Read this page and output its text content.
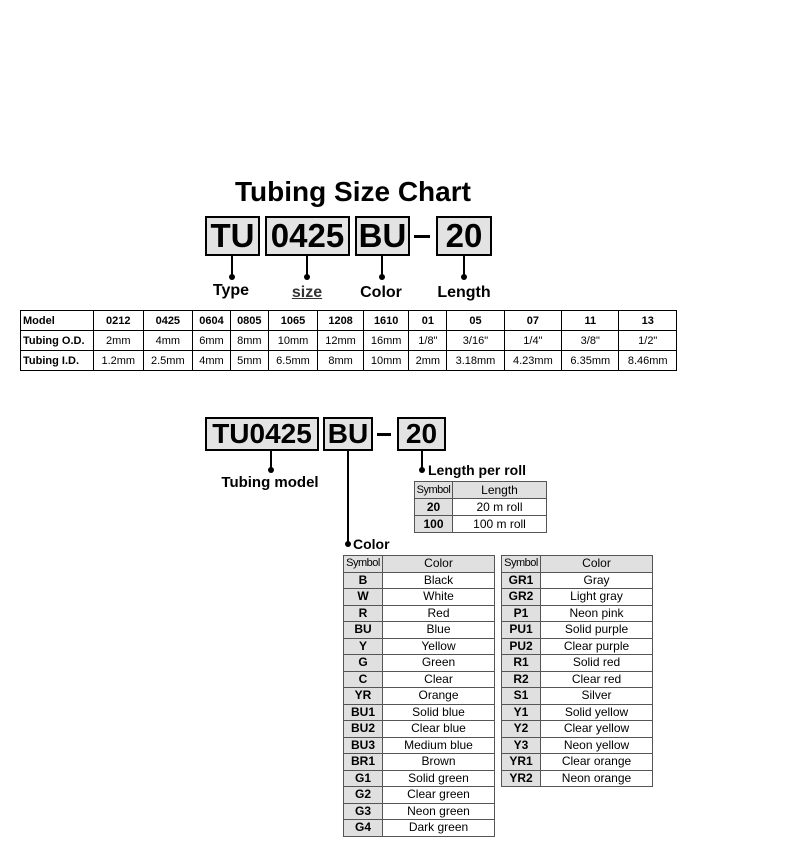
Tubing Size Chart
TU 0425 BU 20
Type	size	Color	Length
Model	0212	0425	0604	0805	1065	1208	1610	01	05	07	11	13
Tubing O.D.	2mm	4mm	6mm	8mm	10mm	12mm	16mm	1/8"	3/16"	1/4"	3/8"	1/2"
Tubing I.D.	1.2mm	2.5mm	4mm	5mm	6.5mm	8mm	10mm	2mm	3.18mm	4.23mm	6.35mm	8.46mm
TU0425 BU	20
Tubing model
Length per roll
Color
Symbol	Length
20	20 m roll
100	100 m roll
Symbol	Color
B	Black
W	White
R	Red
BU	Blue
Y	Yellow
G	Green
C	Clear
YR	Orange
BU1	Solid blue
BU2	Clear blue
BU3	Medium blue
BR1	Brown
G1	Solid green
G2	Clear green
G3	Neon green
G4	Dark green
Symbol	Color
GR1	Gray
GR2	Light gray
P1	Neon pink
PU1	Solid purple
PU2	Clear purple
R1	Solid red
R2	Clear red
S1	Silver
Y1	Solid yellow
Y2	Clear yellow
Y3	Neon yellow
YR1	Clear orange
YR2	Neon orange
